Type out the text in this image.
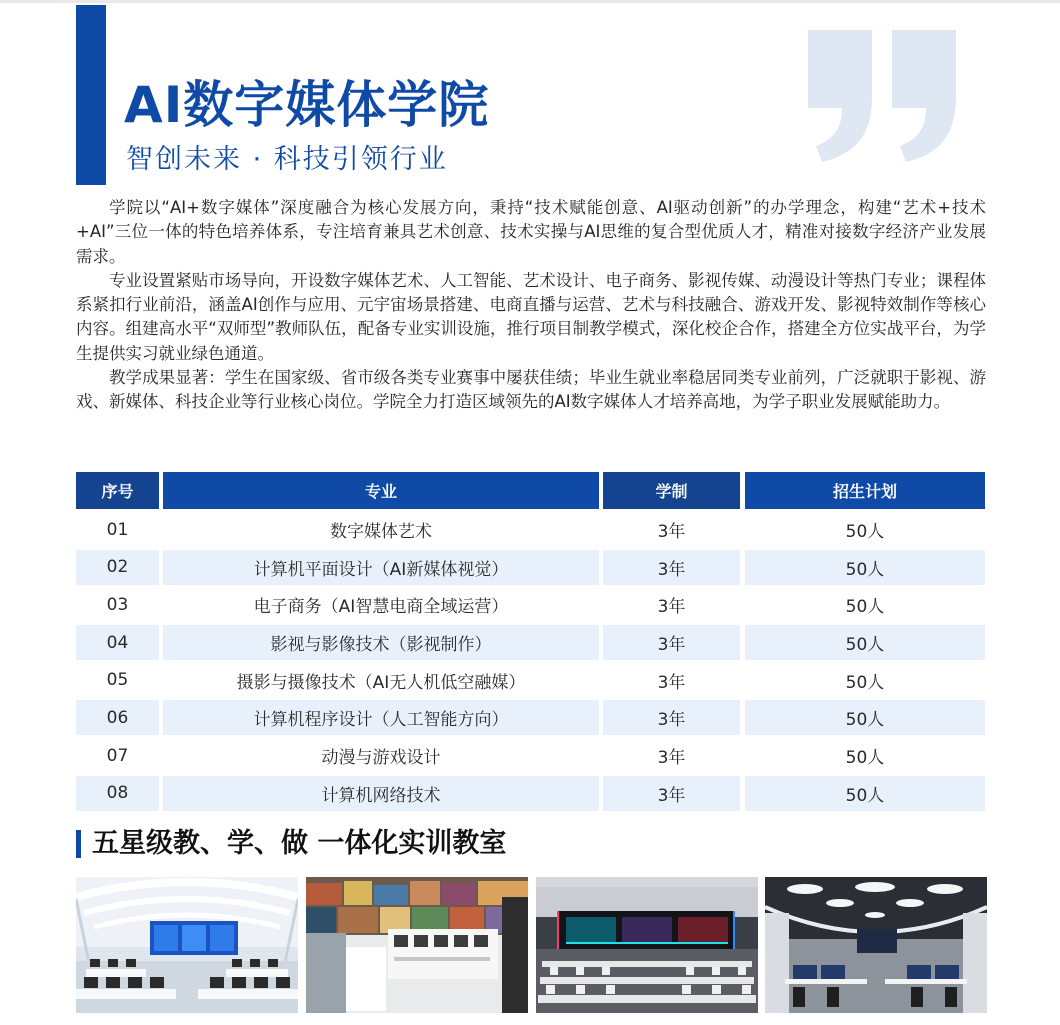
AI数字媒体学院
智创未来 · 科技引领行业

学院以“AI+数字媒体”深度融合为核心发展方向，秉持“技术赋能创意、AI驱动创新”的办学理念，构建“艺术+技术+AI”三位一体的特色培养体系，专注培育兼具艺术创意、技术实操与AI思维的复合型优质人才，精准对接数字经济产业发展需求。

专业设置紧贴市场导向，开设数字媒体艺术、人工智能、艺术设计、电子商务、影视传媒、动漫设计等热门专业；课程体系紧扣行业前沿，涵盖AI创作与应用、元宇宙场景搭建、电商直播与运营、艺术与科技融合、游戏开发、影视特效制作等核心内容。组建高水平“双师型”教师队伍，配备专业实训设施，推行项目制教学模式，深化校企合作，搭建全方位实战平台，为学生提供实习就业绿色通道。

教学成果显著：学生在国家级、省市级各类专业赛事中屡获佳绩；毕业生就业率稳居同类专业前列，广泛就职于影视、游戏、新媒体、科技企业等行业核心岗位。学院全力打造区域领先的AI数字媒体人才培养高地，为学子职业发展赋能助力。

序号	专业	学制	招生计划
01	数字媒体艺术	3年	50人
02	计算机平面设计（AI新媒体视觉）	3年	50人
03	电子商务（AI智慧电商全域运营）	3年	50人
04	影视与影像技术（影视制作）	3年	50人
05	摄影与摄像技术（AI无人机低空融媒）	3年	50人
06	计算机程序设计（人工智能方向）	3年	50人
07	动漫与游戏设计	3年	50人
08	计算机网络技术	3年	50人
五星级教、学、做 一体化实训教室
